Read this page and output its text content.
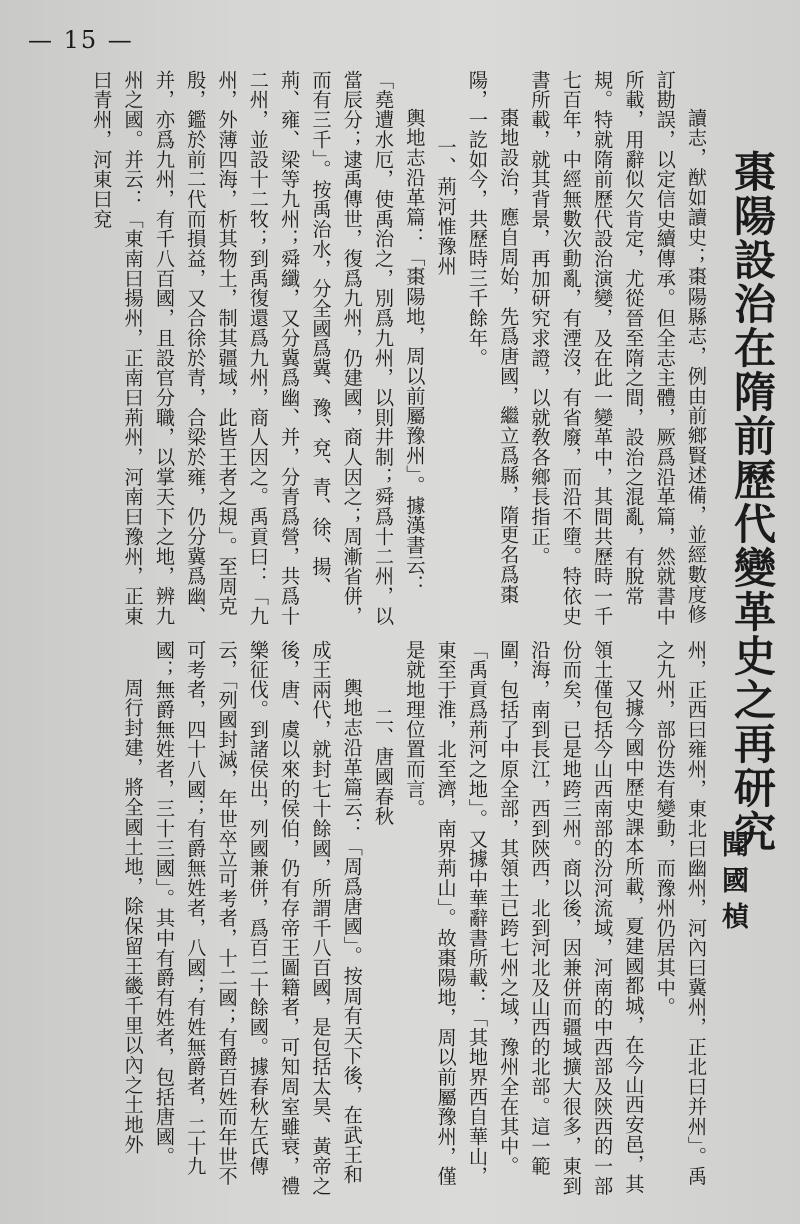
— 15 —
棗陽設治在隋前歷代變革史之再研究
聞國楨

讀志，猷如讀史；棗陽縣志，例由前鄉賢述備，並經數度修訂勘誤，以定信史續傳承。但全志主體，厥爲沿革篇，然就書中所載，用辭似欠肯定，尤從晉至隋之間，設治之混亂，有脫常規。特就隋前歷代設治演變，及在此一變革中，其間共歷時一千七百年，中經無數次動亂，有湮沒，有省廢，而沿不墮。特依史書所載，就其背景，再加研究求證，以就敎各鄉長指正。

棗地設治，應自周始，先爲唐國，繼立爲縣，隋更名爲棗陽，一訖如今，共歷時三千餘年。

一、荊河惟豫州

輿地志沿革篇：「棗陽地，周以前屬豫州」。據漢書云：「堯遭水厄，使禹治之，別爲九州，以則井制；舜爲十二州，以當辰分；逮禹傳世，復爲九州，仍建國，商人因之；周漸省併，而有三千」。按禹治水，分全國爲冀、豫、兗、青、徐、揚、荊、雍、梁等九州；舜纖，又分冀爲幽、并，分青爲營，共爲十二州，並設十二牧；到禹復還爲九州，商人因之。禹貢曰：「九州，外薄四海，析其物土，制其疆域，此皆王者之規」。至周克殷，鑑於前二代而損益，又合徐於青，合梁於雍，仍分冀爲幽、并，亦爲九州，有千八百國，且設官分職，以掌天下之地，辨九州之國。并云：「東南曰揚州，正南曰荊州，河南曰豫州，正東曰青州，河東曰兗

州，正西曰雍州，東北曰幽州，河內曰冀州，正北曰并州」。禹之九州，部份迭有變動，而豫州仍居其中。

又據今國中歷史課本所載，夏建國都城，在今山西安邑，其領土僅包括今山西南部的汾河流域，河南的中西部及陝西的一部份而矣，已是地跨三州。商以後，因兼併而疆域擴大很多，東到沿海，南到長江，西到陝西，北到河北及山西的北部。這一範圍，包括了中原全部，其領土已跨七州之域，豫州全在其中。「禹貢爲荊河之地」。又據中華辭書所載：「其地界西自華山，東至于淮，北至濟，南界荊山」。故棗陽地，周以前屬豫州，僅是就地理位置而言。

二、唐國春秋

輿地志沿革篇云：「周爲唐國」。按周有天下後，在武王和成王兩代，就封七十餘國，所謂千八百國，是包括太昊、黃帝之後，唐、虞以來的侯伯，仍有存帝王圖籍者，可知周室雖衰，禮樂征伐。到諸侯出，列國兼併，爲百二十餘國。據春秋左氏傳云，「列國封滅，年世卒立可考者，十二國；有爵百姓而年世不可考者，四十八國；有爵無姓者，八國；有姓無爵者，二十九國；無爵無姓者，三十三國」。其中有爵有姓者，包括唐國。

周行封建，將全國土地，除保留王畿千里以內之土地外
